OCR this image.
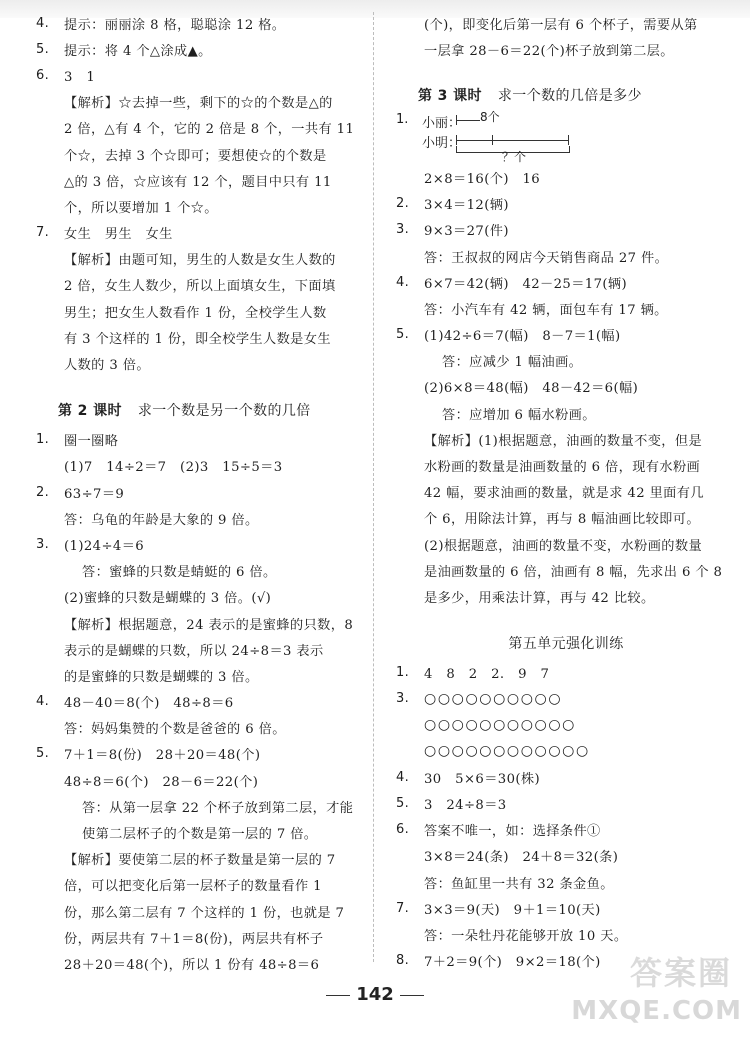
4.	提示：丽丽涂 8 格，聪聪涂 12 格。
5.	提示：将 4 个△涂成▲。
6.	3　1
【解析】☆去掉一些，剩下的☆的个数是△的
2 倍，△有 4 个，它的 2 倍是 8 个，一共有 11
个☆，去掉 3 个☆即可；要想使☆的个数是
△的 3 倍，☆应该有 12 个，题目中只有 11
个，所以要增加 1 个☆。
7.	女生　男生　女生
【解析】由题可知，男生的人数是女生人数的
2 倍，女生人数少，所以上面填女生，下面填
男生；把女生人数看作 1 份，全校学生人数
有 3 个这样的 1 份，即全校学生人数是女生
人数的 3 倍。
第 2 课时 求一个数是另一个数的几倍
1.	圈一圈略
(1)7　14÷2＝7　(2)3　15÷5＝3
2.	63÷7＝9
答：乌龟的年龄是大象的 9 倍。
3.	(1)24÷4＝6
答：蜜蜂的只数是蜻蜓的 6 倍。
(2)蜜蜂的只数是蝴蝶的 3 倍。(√)
【解析】根据题意，24 表示的是蜜蜂的只数，8
表示的是蝴蝶的只数，所以 24÷8＝3 表示
的是蜜蜂的只数是蝴蝶的 3 倍。
4.	48－40＝8(个)　48÷8＝6
答：妈妈集赞的个数是爸爸的 6 倍。
5.	7＋1＝8(份)　28＋20＝48(个)
48÷8＝6(个)　28－6＝22(个)
答：从第一层拿 22 个杯子放到第二层，才能
使第二层杯子的个数是第一层的 7 倍。
【解析】要使第二层的杯子数量是第一层的 7
倍，可以把变化后第一层杯子的数量看作 1
份，那么第二层有 7 个这样的 1 份，也就是 7
份，两层共有 7＋1＝8(份)，两层共有杯子
28＋20＝48(个)，所以 1 份有 48÷8＝6
(个)，即变化后第一层有 6 个杯子，需要从第
一层拿 28－6＝22(个)杯子放到第二层。
第 3 课时 求一个数的几倍是多少
1. 小丽：
小明：
8个
？个
2×8＝16(个)　16
2.	3×4＝12(辆)
3.	9×3＝27(件)
答：王叔叔的网店今天销售商品 27 件。
4.	6×7＝42(辆)　42－25＝17(辆)
答：小汽车有 42 辆，面包车有 17 辆。
5.	(1)42÷6＝7(幅)　8－7＝1(幅)
答：应减少 1 幅油画。
(2)6×8＝48(幅)　48－42＝6(幅)
答：应增加 6 幅水粉画。
【解析】(1)根据题意，油画的数量不变，但是
水粉画的数量是油画数量的 6 倍，现有水粉画
42 幅，要求油画的数量，就是求 42 里面有几
个 6，用除法计算，再与 8 幅油画比较即可。
(2)根据题意，油画的数量不变，水粉画的数量
是油画数量的 6 倍，油画有 8 幅，先求出 6 个 8
是多少，用乘法计算，再与 42 比较。
第五单元强化训练
1.	4　8　2　2.　9　7
3.	○○○○○○○○○○
○○○○○○○○○○○
○○○○○○○○○○○○
4.	30　5×6＝30(株)
5.	3　24÷8＝3
6.	答案不唯一，如：选择条件①
3×8＝24(条)　24＋8＝32(条)
答：鱼缸里一共有 32 条金鱼。
7.	3×3＝9(天)　9＋1＝10(天)
答：一朵牡丹花能够开放 10 天。
8.	7＋2＝9(个)　9×2＝18(个)
142
答案圈
MXQE.COM
